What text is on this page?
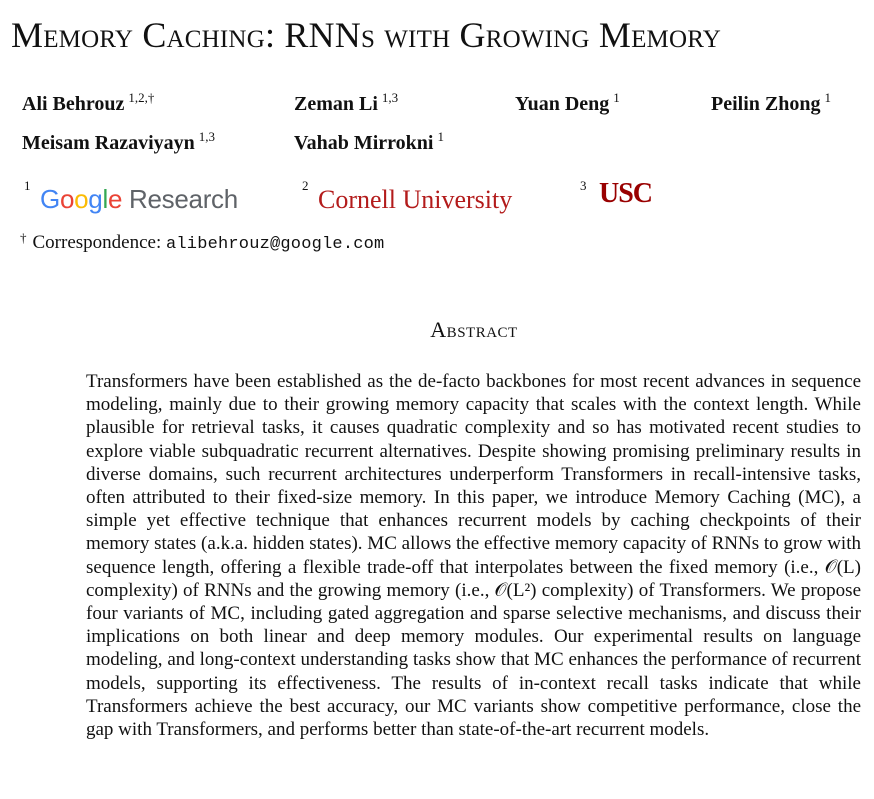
Memory Caching: RNNs with Growing Memory
Ali Behrouz $^{1,2,\dagger}$	Zeman Li $^{1,3}$	Yuan Deng $^1$	Peilin Zhong $^1$
Meisam Razaviyayn $^{1,3}$	Vahab Mirrokni $^1$
1 Google Research	2 Cornell University	3 USC
† Correspondence: alibehrouz@google.com
Abstract

Transformers have been established as the de-facto backbones for most recent advances in sequence modeling, mainly due to their growing memory capacity that scales with the context length. While plausible for retrieval tasks, it causes quadratic complexity and so has motivated recent studies to explore viable subquadratic recurrent alternatives. Despite showing promising preliminary results in diverse domains, such recurrent architectures underperform Transformers in recall-intensive tasks, often attributed to their fixed-size memory. In this paper, we introduce Memory Caching (MC), a simple yet effective technique that enhances recurrent models by caching checkpoints of their memory states (a.k.a. hidden states). MC allows the effective memory capacity of RNNs to grow with sequence length, offering a flexible trade-off that interpolates between the fixed memory (i.e., 𝒪(L) complexity) of RNNs and the growing memory (i.e., 𝒪(L²) complexity) of Transformers. We propose four variants of MC, including gated aggregation and sparse selective mechanisms, and discuss their implications on both linear and deep memory modules. Our experimental results on language modeling, and long-context understanding tasks show that MC enhances the performance of recurrent models, supporting its effectiveness. The results of in-context recall tasks indicate that while Transformers achieve the best accuracy, our MC variants show competitive performance, close the gap with Transformers, and performs better than state-of-the-art recurrent models.
